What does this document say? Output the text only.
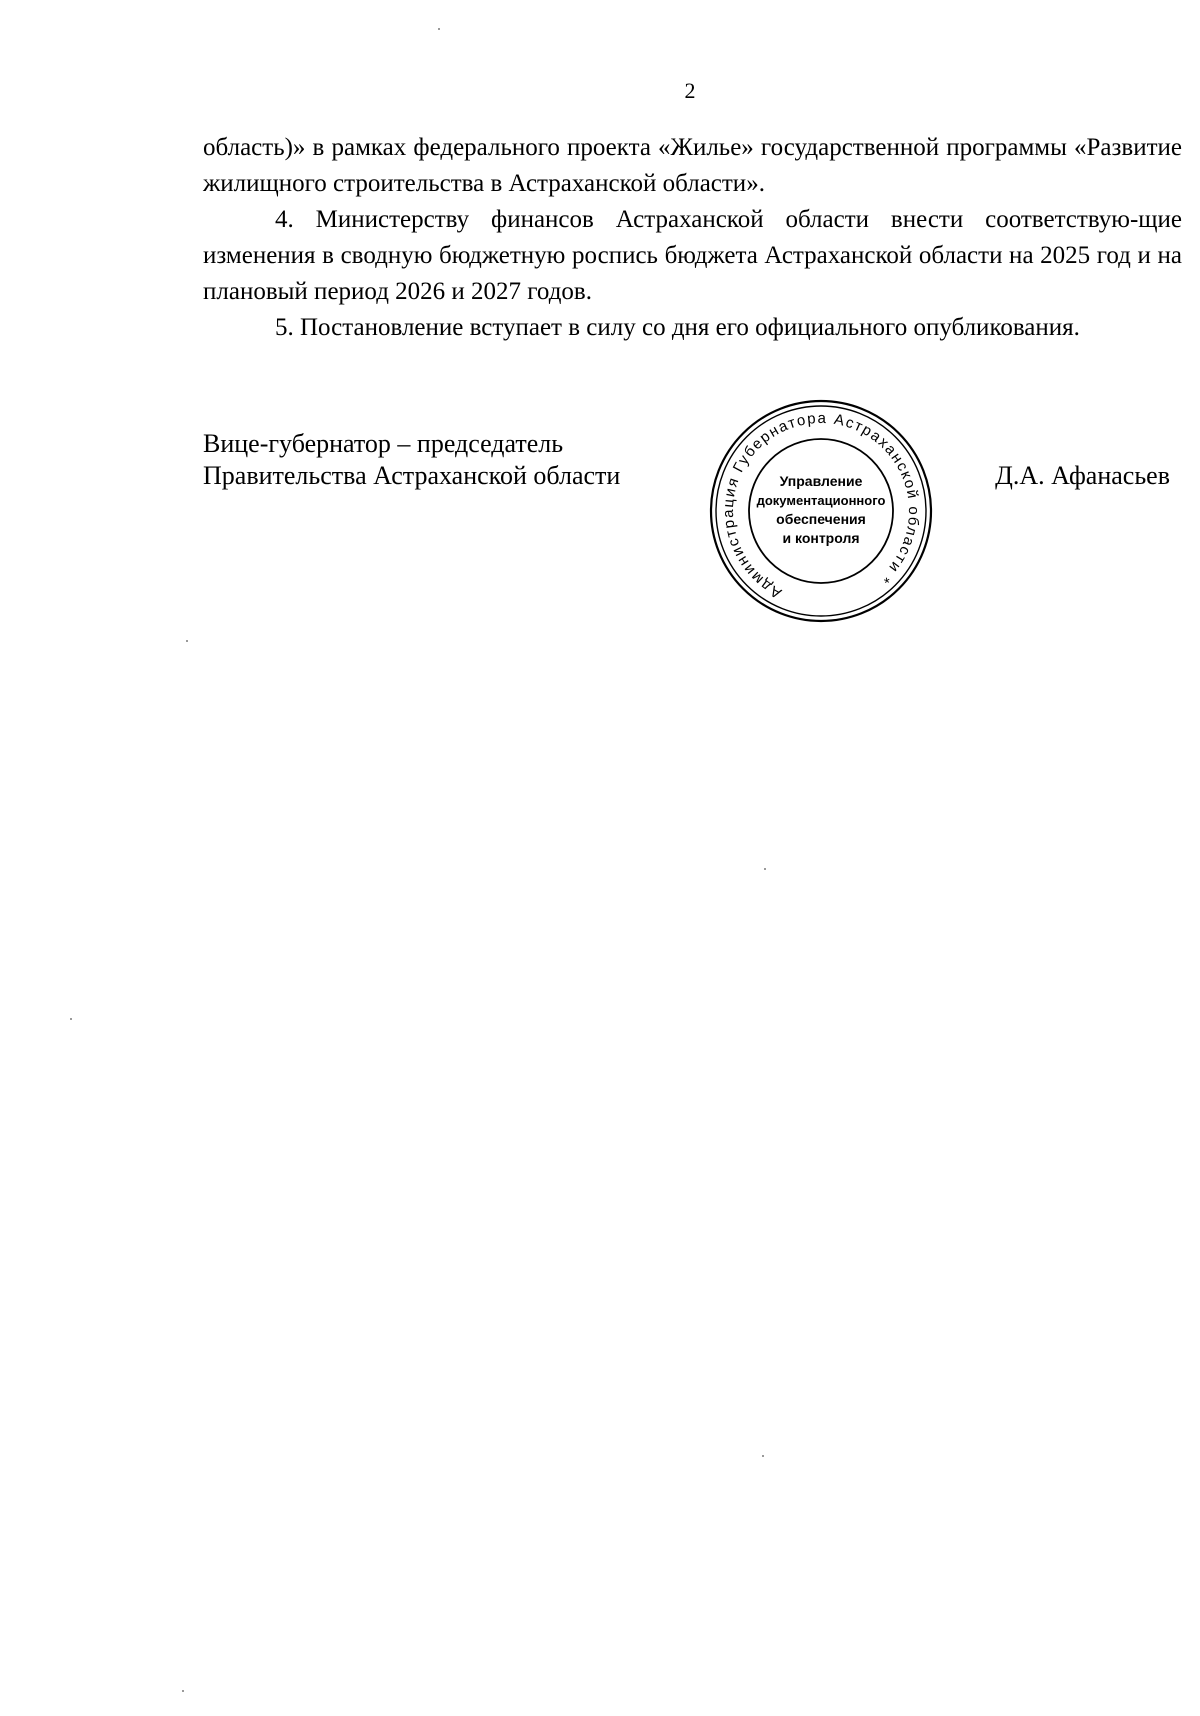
2

область)» в рамках федерального проекта «Жилье» государственной программы «Развитие жилищного строительства в Астраханской области».

4. Министерству финансов Астраханской области внести соответствую-щие изменения в сводную бюджетную роспись бюджета Астраханской области на 2025 год и на плановый период 2026 и 2027 годов.

5. Постановление вступает в силу со дня его официального опубликования.

Вице-губернатор – председатель
Правительства Астраханской области	Д.А. Афанасьев
Администрация Губернатора Астраханской области *
Управление
документационного
обеспечения
и контроля
